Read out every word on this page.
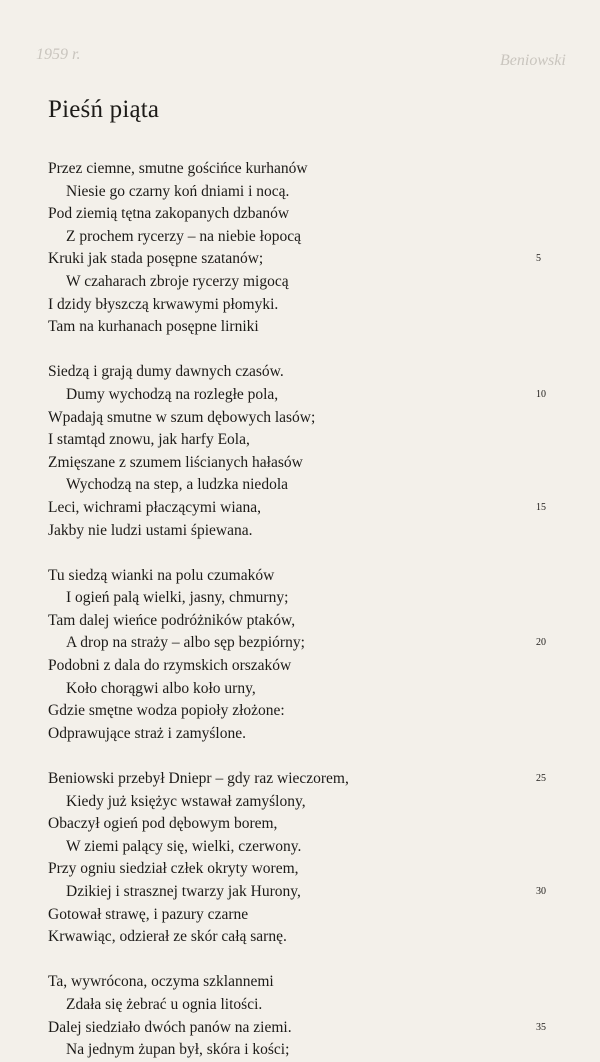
1959 r.	Beniowski
Pieśń piąta
Przez ciemne, smutne gościńce kurhanów
Niesie go czarny koń dniami i nocą.
Pod ziemią tętna zakopanych dzbanów
Z prochem rycerzy – na niebie łopocą
Kruki jak stada posępne szatanów;	5
W czaharach zbroje rycerzy migocą
I dzidy błyszczą krwawymi płomyki.
Tam na kurhanach posępne lirniki
Siedzą i grają dumy dawnych czasów.
Dumy wychodzą na rozległe pola,	10
Wpadają smutne w szum dębowych lasów;
I stamtąd znowu, jak harfy Eola,
Zmięszane z szumem liścianych hałasów
Wychodzą na step, a ludzka niedola
Leci, wichrami płaczącymi wiana,	15
Jakby nie ludzi ustami śpiewana.
Tu siedzą wianki na polu czumaków
I ogień palą wielki, jasny, chmurny;
Tam dalej wieńce podróżników ptaków,
A drop na straży – albo sęp bezpiórny;	20
Podobni z dala do rzymskich orszaków
Koło chorągwi albo koło urny,
Gdzie smętne wodza popioły złożone:
Odprawujące straż i zamyślone.
Beniowski przebył Dniepr – gdy raz wieczorem,	25
Kiedy już księżyc wstawał zamyślony,
Obaczył ogień pod dębowym borem,
W ziemi palący się, wielki, czerwony.
Przy ogniu siedział człek okryty worem,
Dzikiej i strasznej twarzy jak Hurony,	30
Gotował strawę, i pazury czarne
Krwawiąc, odzierał ze skór całą sarnę.
Ta, wywrócona, oczyma szklannemi
Zdała się żebrać u ognia litości.
Dalej siedziało dwóch panów na ziemi.	35
Na jednym żupan był, skóra i kości;
